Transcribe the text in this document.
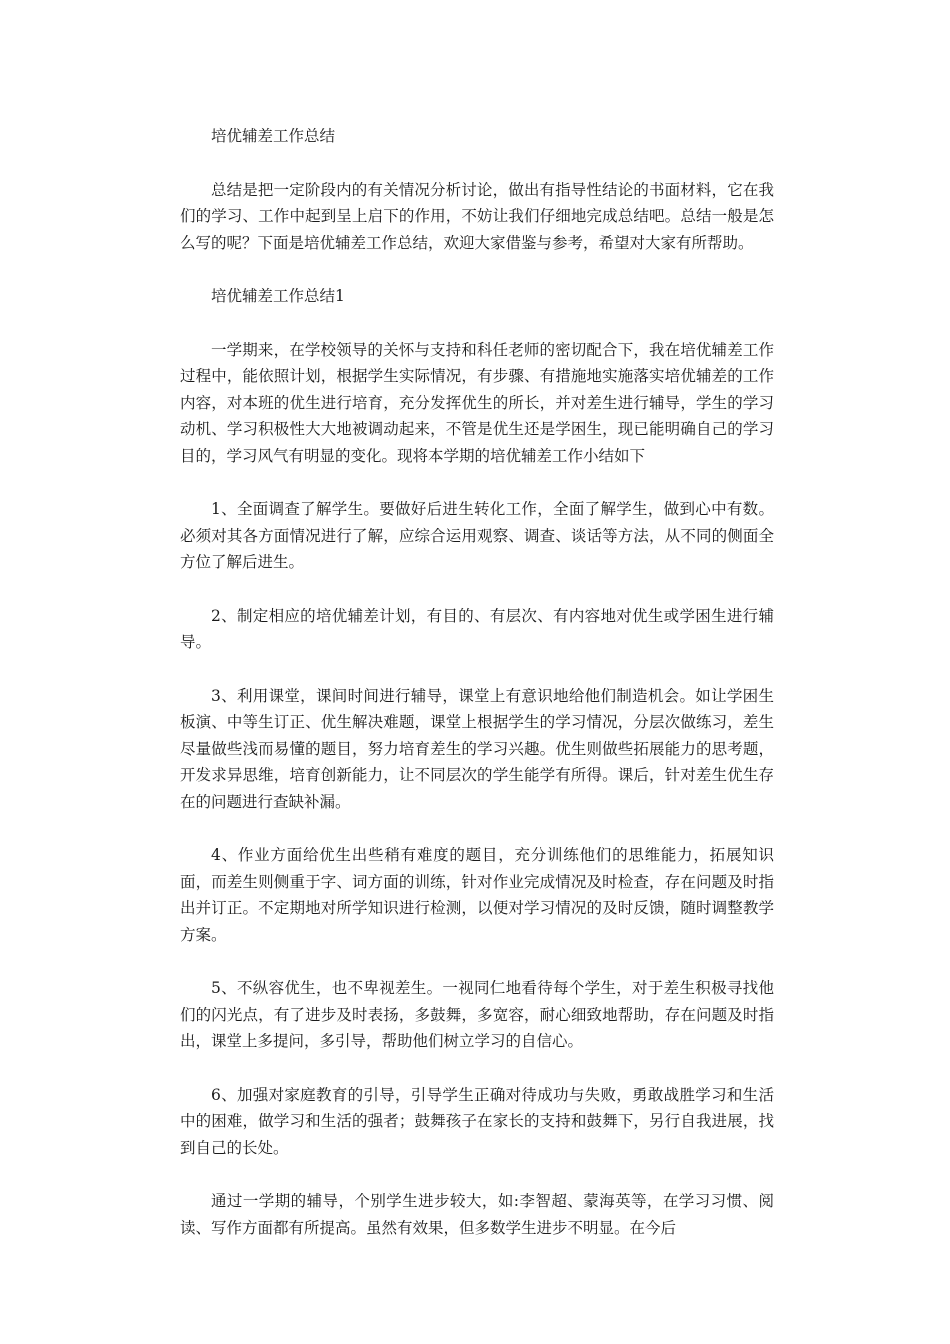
培优辅差工作总结

总结是把一定阶段内的有关情况分析讨论，做出有指导性结论的书面材料，它在我们的学习、工作中起到呈上启下的作用，不妨让我们仔细地完成总结吧。总结一般是怎么写的呢？下面是培优辅差工作总结，欢迎大家借鉴与参考，希望对大家有所帮助。

培优辅差工作总结1

一学期来，在学校领导的关怀与支持和科任老师的密切配合下，我在培优辅差工作过程中，能依照计划，根据学生实际情况，有步骤、有措施地实施落实培优辅差的工作内容，对本班的优生进行培育，充分发挥优生的所长，并对差生进行辅导，学生的学习动机、学习积极性大大地被调动起来，不管是优生还是学困生，现已能明确自己的学习目的，学习风气有明显的变化。现将本学期的培优辅差工作小结如下

1、全面调查了解学生。要做好后进生转化工作，全面了解学生，做到心中有数。必须对其各方面情况进行了解，应综合运用观察、调查、谈话等方法，从不同的侧面全方位了解后进生。

2、制定相应的培优辅差计划，有目的、有层次、有内容地对优生或学困生进行辅导。

3、利用课堂，课间时间进行辅导，课堂上有意识地给他们制造机会。如让学困生板演、中等生订正、优生解决难题，课堂上根据学生的学习情况，分层次做练习，差生尽量做些浅而易懂的题目，努力培育差生的学习兴趣。优生则做些拓展能力的思考题，开发求异思维，培育创新能力，让不同层次的学生能学有所得。课后，针对差生优生存在的问题进行查缺补漏。

4、作业方面给优生出些稍有难度的题目，充分训练他们的思维能力，拓展知识面，而差生则侧重于字、词方面的训练，针对作业完成情况及时检查，存在问题及时指出并订正。不定期地对所学知识进行检测，以便对学习情况的及时反馈，随时调整教学方案。

5、不纵容优生，也不卑视差生。一视同仁地看待每个学生，对于差生积极寻找他们的闪光点，有了进步及时表扬，多鼓舞，多宽容，耐心细致地帮助，存在问题及时指出，课堂上多提问，多引导，帮助他们树立学习的自信心。

6、加强对家庭教育的引导，引导学生正确对待成功与失败，勇敢战胜学习和生活中的困难，做学习和生活的强者；鼓舞孩子在家长的支持和鼓舞下，另行自我进展，找到自己的长处。

通过一学期的辅导，个别学生进步较大，如:李智超、蒙海英等，在学习习惯、阅读、写作方面都有所提高。虽然有效果，但多数学生进步不明显。在今后
